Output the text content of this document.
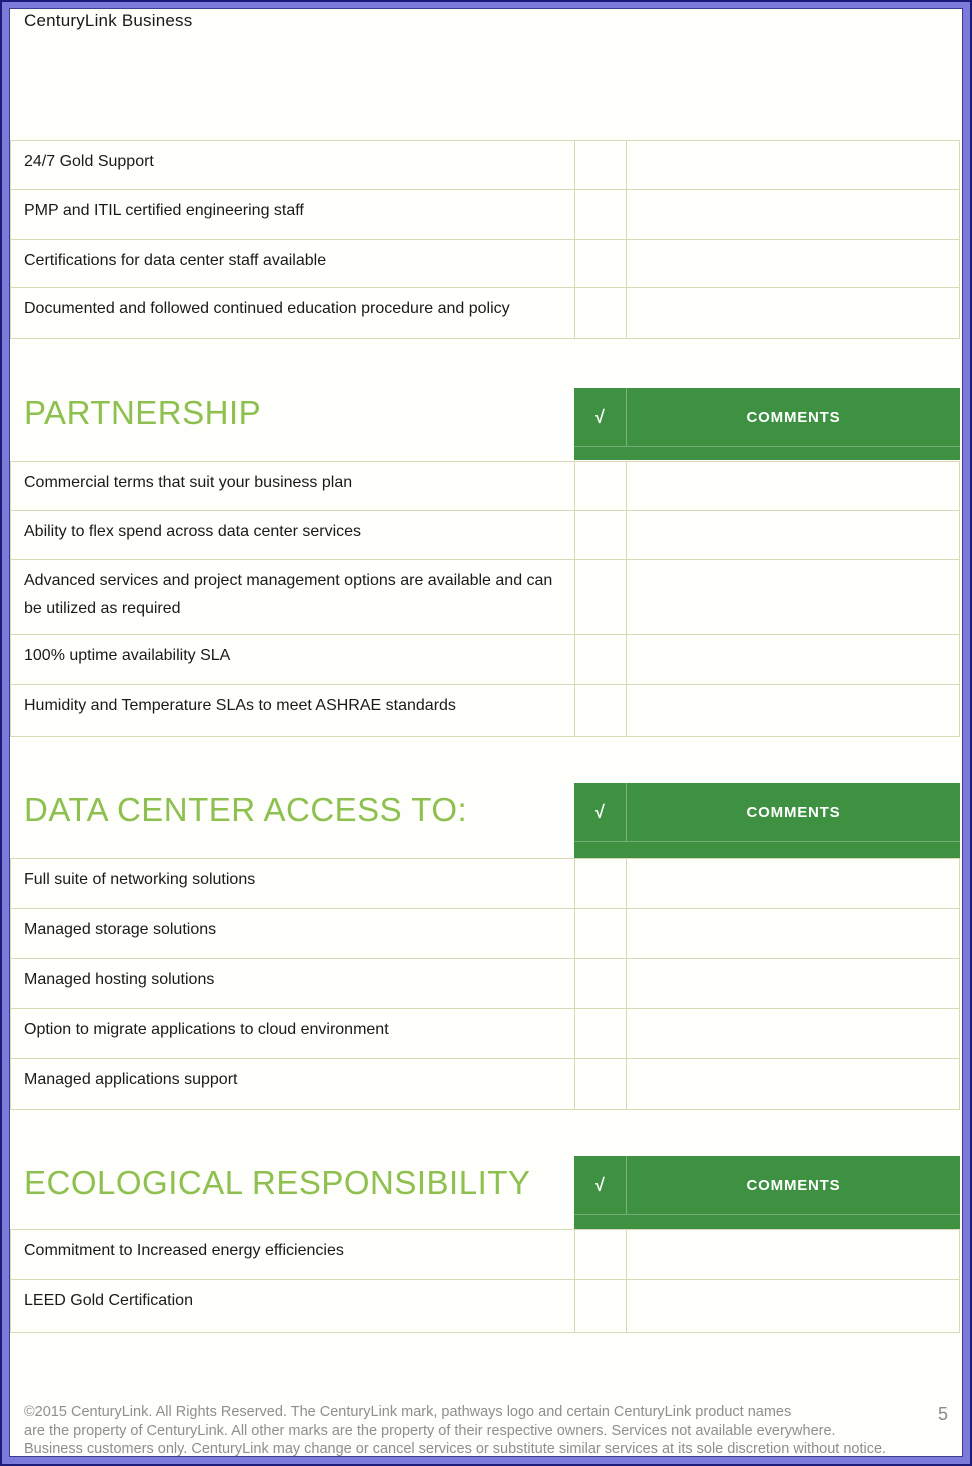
CenturyLink Business
24/7 Gold Support
PMP and ITIL certified engineering staff
Certifications for data center staff available
Documented and followed continued education procedure and policy
PARTNERSHIP	√	COMMENTS
Commercial terms that suit your business plan
Ability to flex spend across data center services
Advanced services and project management options are available and can be utilized as required
100% uptime availability SLA
Humidity and Temperature SLAs to meet ASHRAE standards
DATA CENTER ACCESS TO:	√	COMMENTS
Full suite of networking solutions
Managed storage solutions
Managed hosting solutions
Option to migrate applications to cloud environment
Managed applications support
ECOLOGICAL RESPONSIBILITY	√	COMMENTS
Commitment to Increased energy efficiencies
LEED Gold Certification
©2015 CenturyLink. All Rights Reserved. The CenturyLink mark, pathways logo and certain CenturyLink product names
are the property of CenturyLink. All other marks are the property of their respective owners. Services not available everywhere.
Business customers only. CenturyLink may change or cancel services or substitute similar services at its sole discretion without notice.
5
